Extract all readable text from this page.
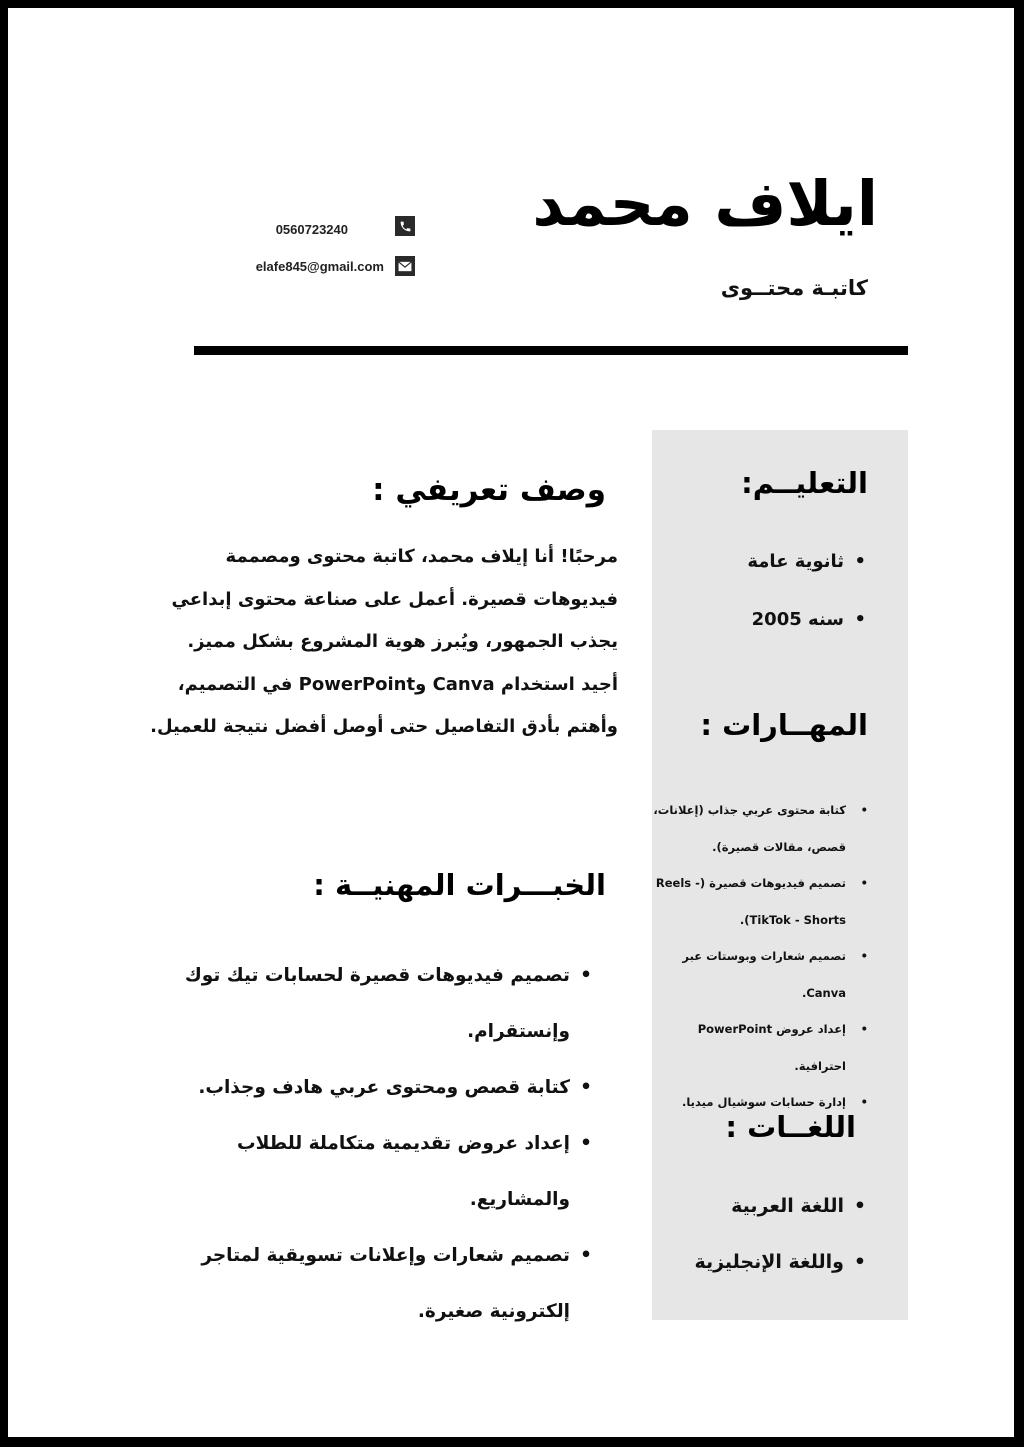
ايلاف محمد
كاتبـة محتــوى
0560723240
elafe845@gmail.com
التعليــم:
• ثانوية عامة
• سنه 2005
المهــارات :
• كتابة محتوى عربي جذاب (إعلانات، قصص، مقالات قصيرة).
• تصميم فيديوهات قصيرة (- Reels TikTok - Shorts).
• تصميم شعارات وبوستات عبر Canva.
• إعداد عروض PowerPoint احترافية.
• إدارة حسابات سوشيال ميديا.
اللغــات :
• اللغة العربية
• واللغة الإنجليزية
وصف تعريفي :

مرحبًا! أنا إيلاف محمد، كاتبة محتوى ومصممة فيديوهات قصيرة. أعمل على صناعة محتوى إبداعي يجذب الجمهور، ويُبرز هوية المشروع بشكل مميز. أجيد استخدام Canva وPowerPoint في التصميم، وأهتم بأدق التفاصيل حتى أوصل أفضل نتيجة للعميل.

الخبـــرات المهنيــة :
• تصميم فيديوهات قصيرة لحسابات تيك توك وإنستقرام.
• كتابة قصص ومحتوى عربي هادف وجذاب.
• إعداد عروض تقديمية متكاملة للطلاب والمشاريع.
• تصميم شعارات وإعلانات تسويقية لمتاجر إلكترونية صغيرة.
